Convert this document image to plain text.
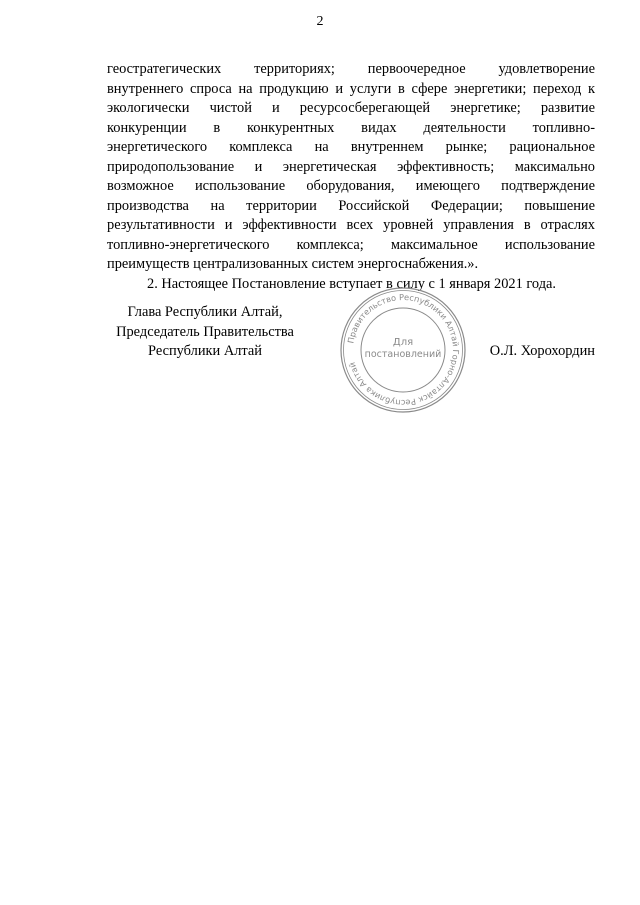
2

геостратегических территориях; первоочередное удовлетворение
внутреннего спроса на продукцию и услуги в сфере энергетики; переход к
экологически чистой и ресурсосберегающей энергетике; развитие
конкуренции в конкурентных видах деятельности топливно-
энергетического комплекса на внутреннем рынке; рациональное
природопользование и энергетическая эффективность; максимально
возможное использование оборудования, имеющего подтверждение
производства на территории Российской Федерации; повышение
результативности и эффективности всех уровней управления в отраслях
топливно-энергетического комплекса; максимальное использование
преимуществ централизованных систем энергоснабжения.».

2. Настоящее Постановление вступает в силу с 1 января 2021 года.

Глава Республики Алтай,
Председатель Правительства
Республики Алтай
Правительство Республики Алтай Горно-Алтайск Республика Алтай
Для
постановлений	О.Л. Хорохордин
